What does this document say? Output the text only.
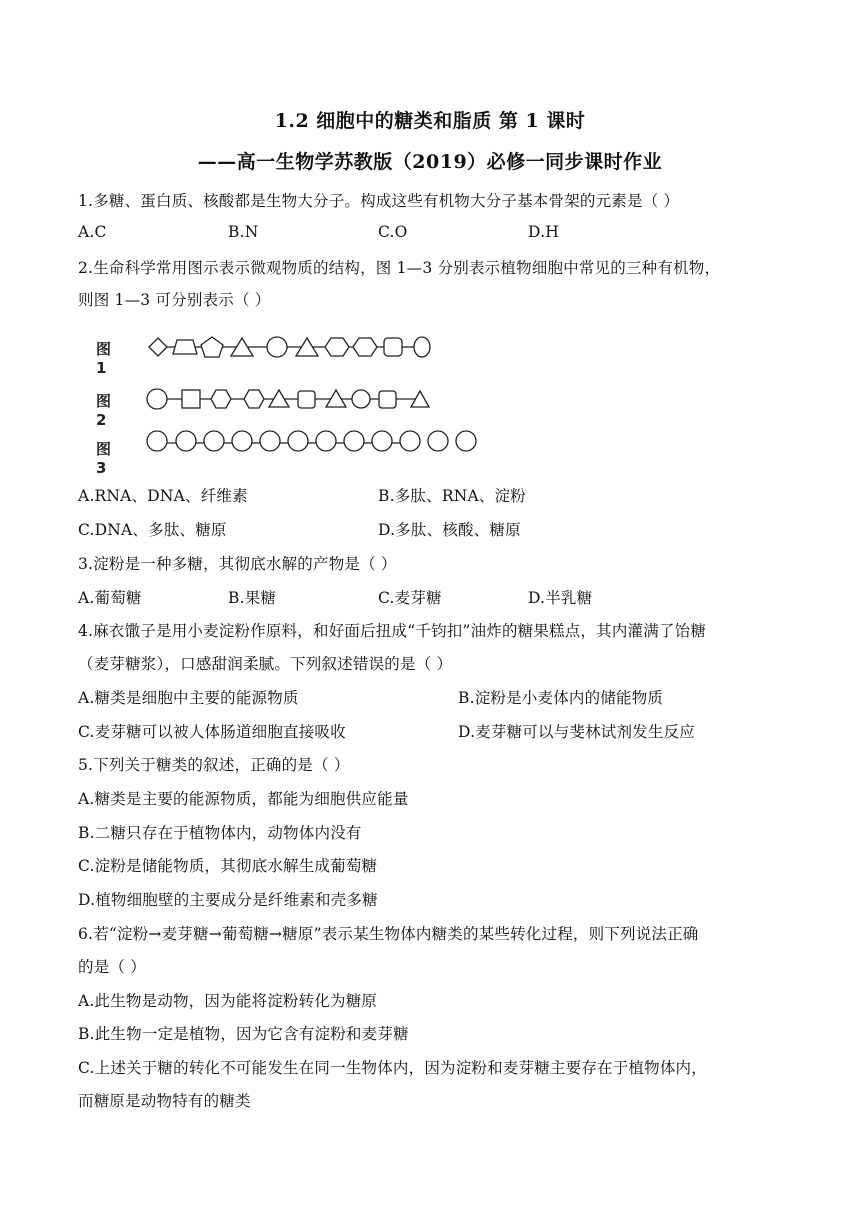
1.2 细胞中的糖类和脂质 第 1 课时
——高一生物学苏教版（2019）必修一同步课时作业
1.多糖、蛋白质、核酸都是生物大分子。构成这些有机物大分子基本骨架的元素是（ ）
A.C	B.N	C.O	D.H
2.生命科学常用图示表示微观物质的结构，图 1—3 分别表示植物细胞中常见的三种有机物，
则图 1—3 可分别表示（ ）
图 1
图 2
图 3
A.RNA、DNA、纤维素	B.多肽、RNA、淀粉
C.DNA、多肽、糖原	D.多肽、核酸、糖原
3.淀粉是一种多糖，其彻底水解的产物是（ ）
A.葡萄糖	B.果糖	C.麦芽糖	D.半乳糖
4.麻衣馓子是用小麦淀粉作原料，和好面后扭成“千钧扣”油炸的糖果糕点，其内灌满了饴糖
（麦芽糖浆），口感甜润柔腻。下列叙述错误的是（ ）
A.糖类是细胞中主要的能源物质	B.淀粉是小麦体内的储能物质
C.麦芽糖可以被人体肠道细胞直接吸收	D.麦芽糖可以与斐林试剂发生反应
5.下列关于糖类的叙述，正确的是（ ）
A.糖类是主要的能源物质，都能为细胞供应能量
B.二糖只存在于植物体内，动物体内没有
C.淀粉是储能物质，其彻底水解生成葡萄糖
D.植物细胞壁的主要成分是纤维素和壳多糖
6.若“淀粉→麦芽糖→葡萄糖→糖原”表示某生物体内糖类的某些转化过程，则下列说法正确
的是（ ）
A.此生物是动物，因为能将淀粉转化为糖原
B.此生物一定是植物，因为它含有淀粉和麦芽糖
C.上述关于糖的转化不可能发生在同一生物体内，因为淀粉和麦芽糖主要存在于植物体内，
而糖原是动物特有的糖类
